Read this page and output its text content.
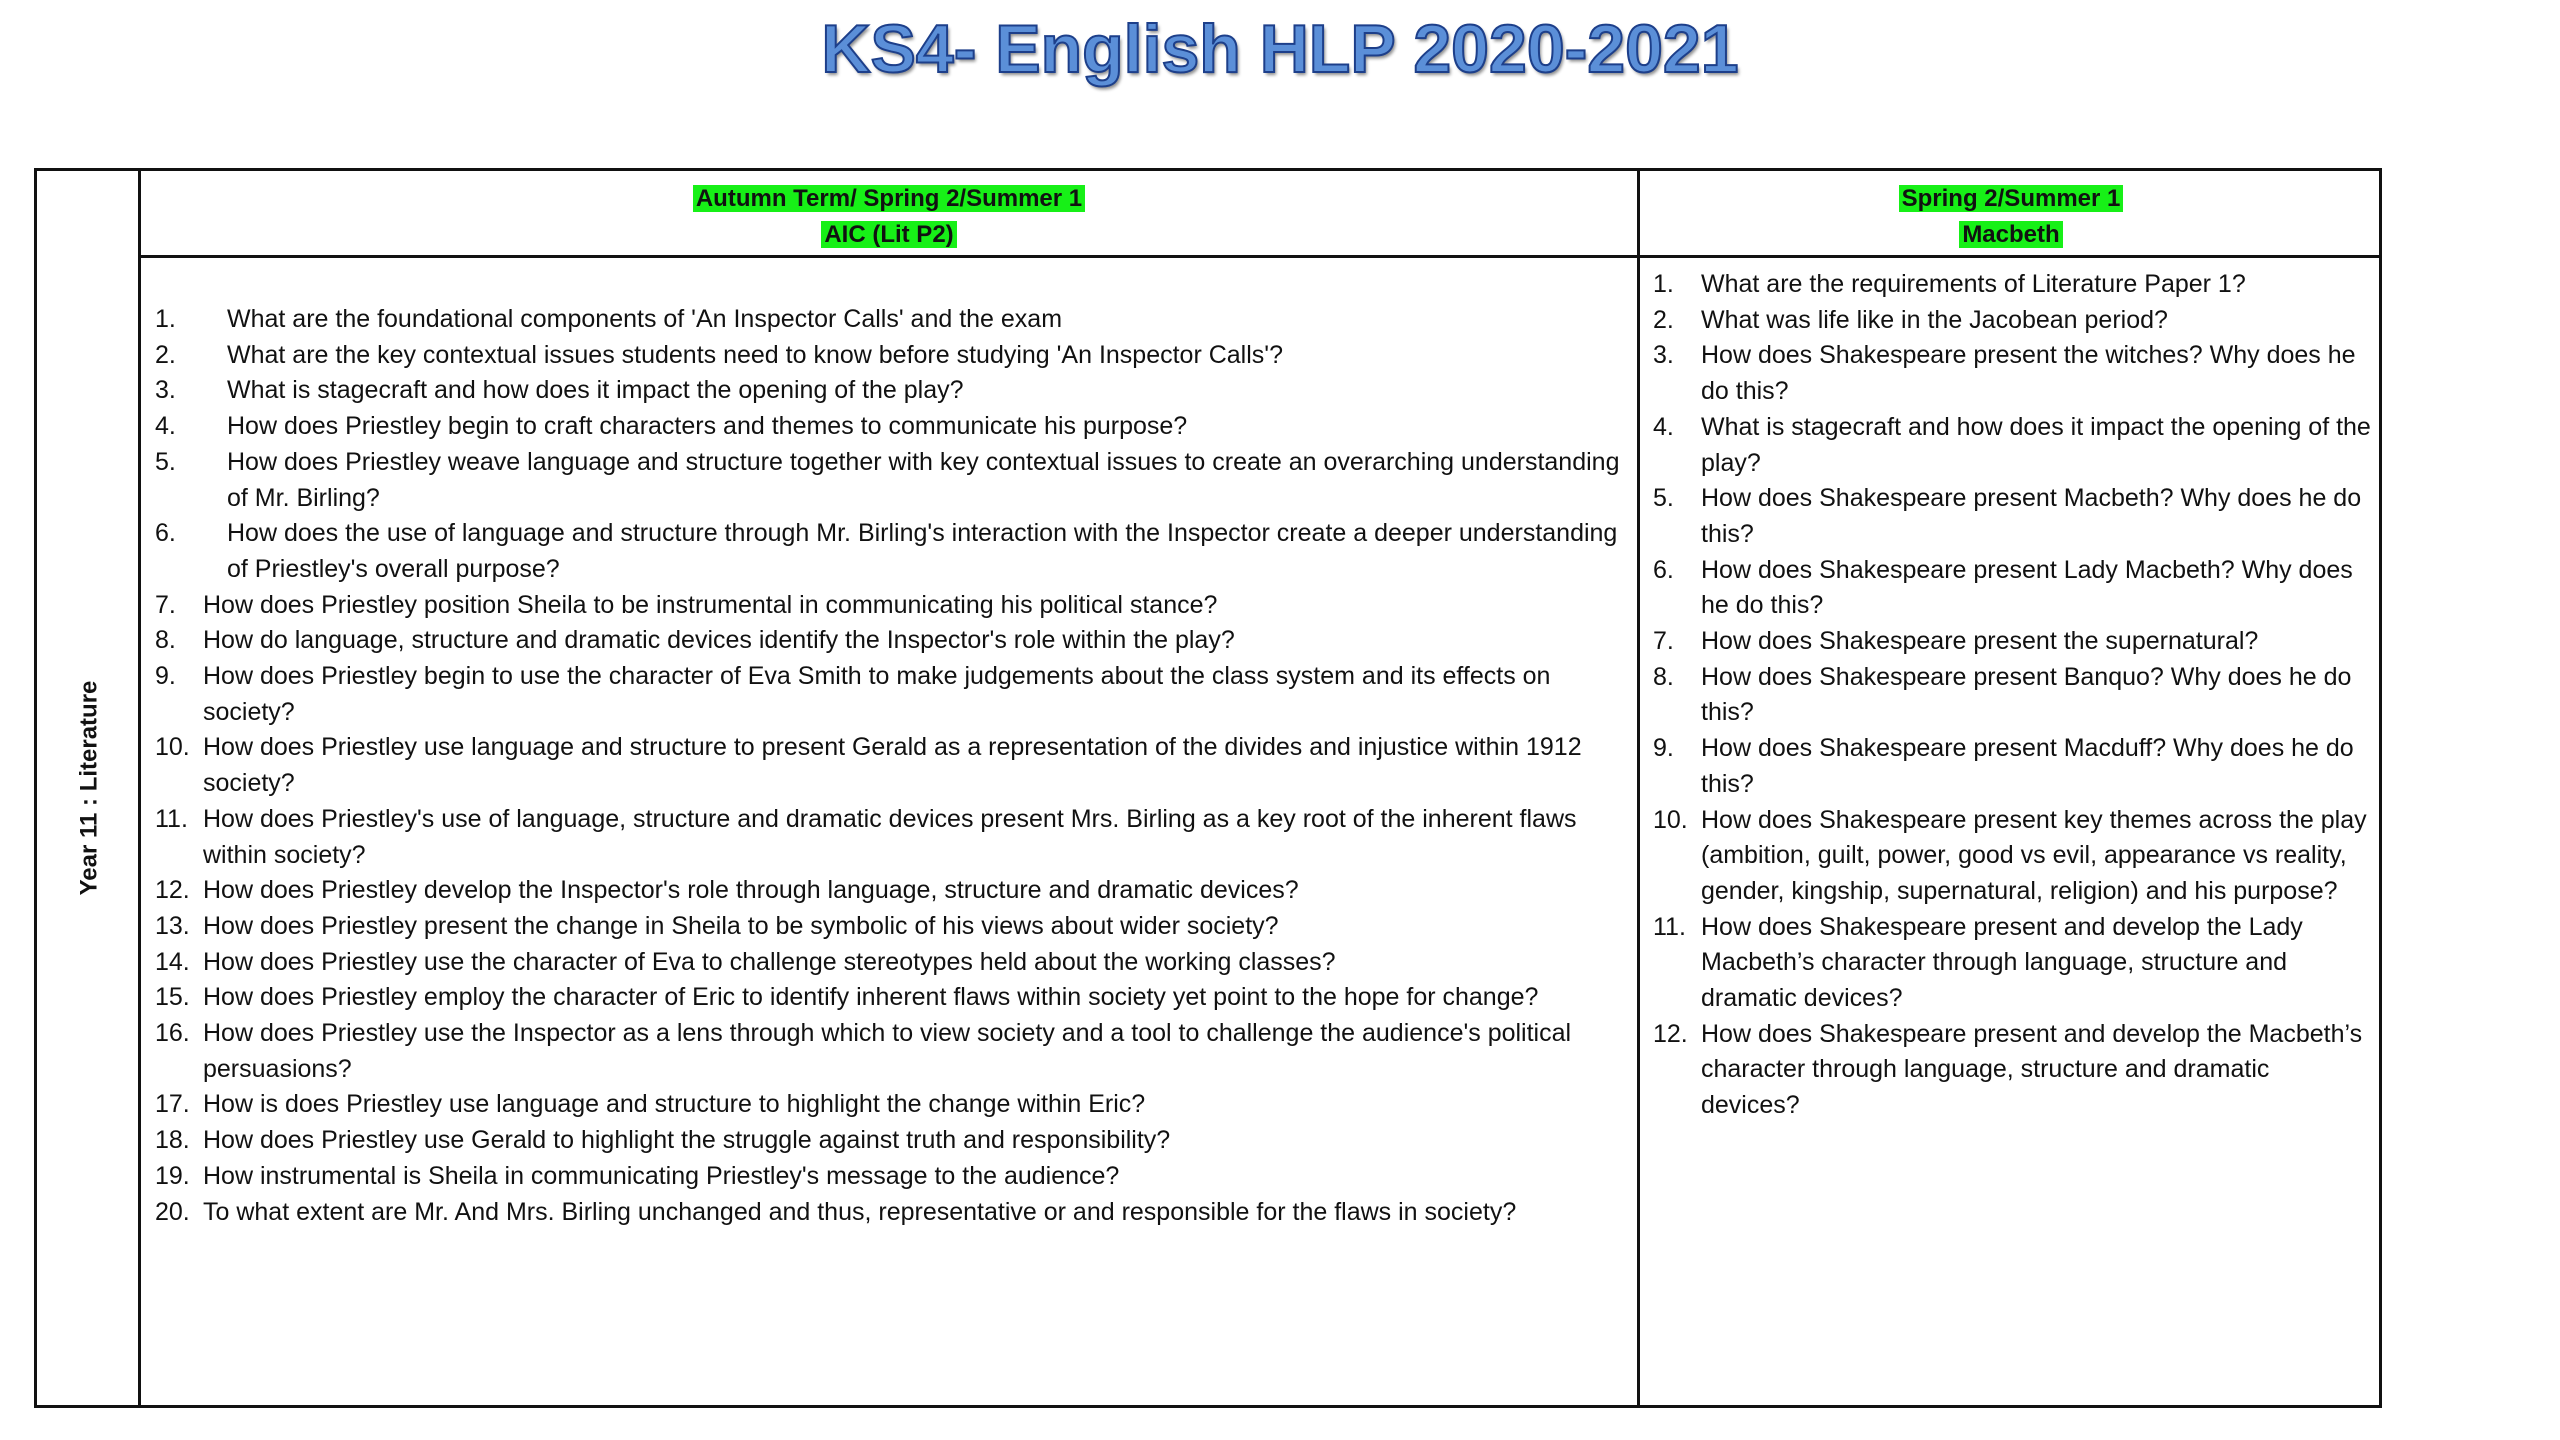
KS4- English HLP 2020-2021
Year 11 : Literature
Autumn Term/ Spring 2/Summer 1
AIC (Lit P2)
Spring 2/Summer 1
Macbeth
1. What are the foundational components of 'An Inspector Calls' and the exam
2. What are the key contextual issues students need to know before studying 'An Inspector Calls'?
3. What is stagecraft and how does it impact the opening of the play?
4. How does Priestley begin to craft characters and themes to communicate his purpose?
5. How does Priestley weave language and structure together with key contextual issues to create an overarching understanding of Mr. Birling?
6. How does the use of language and structure through Mr. Birling's interaction with the Inspector create a deeper understanding of Priestley's overall purpose?
7. How does Priestley position Sheila to be instrumental in communicating his political stance?
8. How do language, structure and dramatic devices identify the Inspector's role within the play?
9. How does Priestley begin to use the character of Eva Smith to make judgements about the class system and its effects on society?
10. How does Priestley use language and structure to present Gerald as a representation of the divides and injustice within 1912 society?
11. How does Priestley's use of language, structure and dramatic devices present Mrs. Birling as a key root of the inherent flaws within society?
12. How does Priestley develop the Inspector's role through language, structure and dramatic devices?
13. How does Priestley present the change in Sheila to be symbolic of his views about wider society?
14. How does Priestley use the character of Eva to challenge stereotypes held about the working classes?
15. How does Priestley employ the character of Eric to identify inherent flaws within society yet point to the hope for change?
16. How does Priestley use the Inspector as a lens through which to view society and a tool to challenge the audience's political persuasions?
17. How is does Priestley use language and structure to highlight the change within Eric?
18. How does Priestley use Gerald to highlight the struggle against truth and responsibility?
19. How instrumental is Sheila in communicating Priestley's message to the audience?
20. To what extent are Mr. And Mrs. Birling unchanged and thus, representative or and responsible for the flaws in society?
1. What are the requirements of Literature Paper 1?
2. What was life like in the Jacobean period?
3. How does Shakespeare present the witches? Why does he do this?
4. What is stagecraft and how does it impact the opening of the play?
5. How does Shakespeare present Macbeth? Why does he do this?
6. How does Shakespeare present Lady Macbeth? Why does he do this?
7. How does Shakespeare present the supernatural?
8. How does Shakespeare present Banquo? Why does he do this?
9. How does Shakespeare present Macduff? Why does he do this?
10. How does Shakespeare present key themes across the play (ambition, guilt, power, good vs evil, appearance vs reality, gender, kingship, supernatural, religion) and his purpose?
11. How does Shakespeare present and develop the Lady Macbeth’s character through language, structure and dramatic devices?
12. How does Shakespeare present and develop the Macbeth’s character through language, structure and dramatic devices?
